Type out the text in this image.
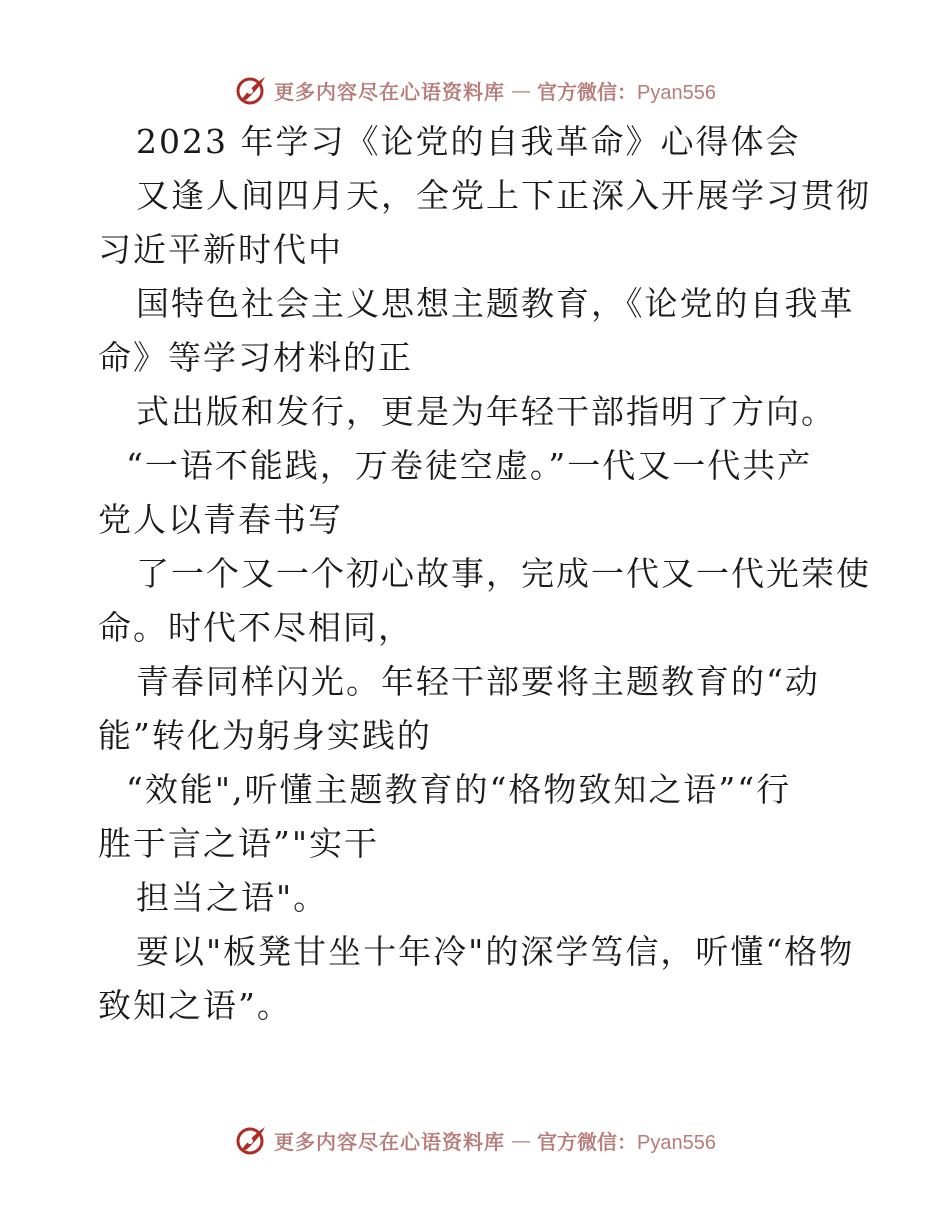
更多内容尽在心语资料库 — 官方微信：Pyan556
2023 年学习《论党的自我革命》心得体会
又逢人间四月天，全党上下正深入开展学习贯彻
习近平新时代中
国特色社会主义思想主题教育，《论党的自我革
命》等学习材料的正
式出版和发行，更是为年轻干部指明了方向。
“一语不能践，万卷徒空虚。”一代又一代共产
党人以青春书写
了一个又一个初心故事，完成一代又一代光荣使
命。时代不尽相同，
青春同样闪光。年轻干部要将主题教育的“动
能”转化为躬身实践的
“效能",听懂主题教育的“格物致知之语”“行
胜于言之语”"实干
担当之语"。
要以"板凳甘坐十年冷"的深学笃信，听懂“格物
致知之语”。
更多内容尽在心语资料库 — 官方微信：Pyan556
